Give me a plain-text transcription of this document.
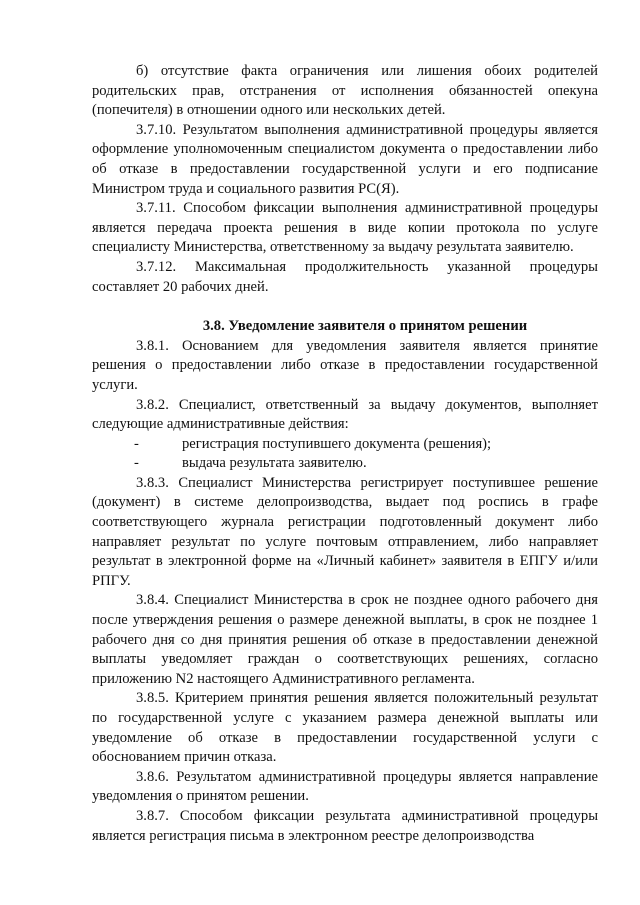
б) отсутствие факта ограничения или лишения обоих родителей родительских прав, отстранения от исполнения обязанностей опекуна (попечителя) в отношении одного или нескольких детей.

3.7.10. Результатом выполнения административной процедуры является оформление уполномоченным специалистом документа о предоставлении либо об отказе в предоставлении государственной услуги и его подписание Министром труда и социального развития РС(Я).

3.7.11. Способом фиксации выполнения административной процедуры является передача проекта решения в виде копии протокола по услуге специалисту Министерства, ответственному за выдачу результата заявителю.

3.7.12. Максимальная продолжительность указанной процедуры составляет 20 рабочих дней.

3.8. Уведомление заявителя о принятом решении

3.8.1. Основанием для уведомления заявителя является принятие решения о предоставлении либо отказе в предоставлении государственной услуги.

3.8.2. Специалист, ответственный за выдачу документов, выполняет следующие административные действия:

-	регистрация поступившего документа (решения);
-	выдача результата заявителю.

3.8.3. Специалист Министерства регистрирует поступившее решение (документ) в системе делопроизводства, выдает под роспись в графе соответствующего журнала регистрации подготовленный документ либо направляет результат по услуге почтовым отправлением, либо направляет результат в электронной форме на «Личный кабинет» заявителя в ЕПГУ и/или РПГУ.

3.8.4. Специалист Министерства в срок не позднее одного рабочего дня после утверждения решения о размере денежной выплаты, в срок не позднее 1 рабочего дня со дня принятия решения об отказе в предоставлении денежной выплаты уведомляет граждан о соответствующих решениях, согласно приложению N2 настоящего Административного регламента.

3.8.5. Критерием принятия решения является положительный результат по государственной услуге с указанием размера денежной выплаты или уведомление об отказе в предоставлении государственной услуги с обоснованием причин отказа.

3.8.6. Результатом административной процедуры является направление уведомления о принятом решении.

3.8.7. Способом фиксации результата административной процедуры является регистрация письма в электронном реестре делопроизводства
